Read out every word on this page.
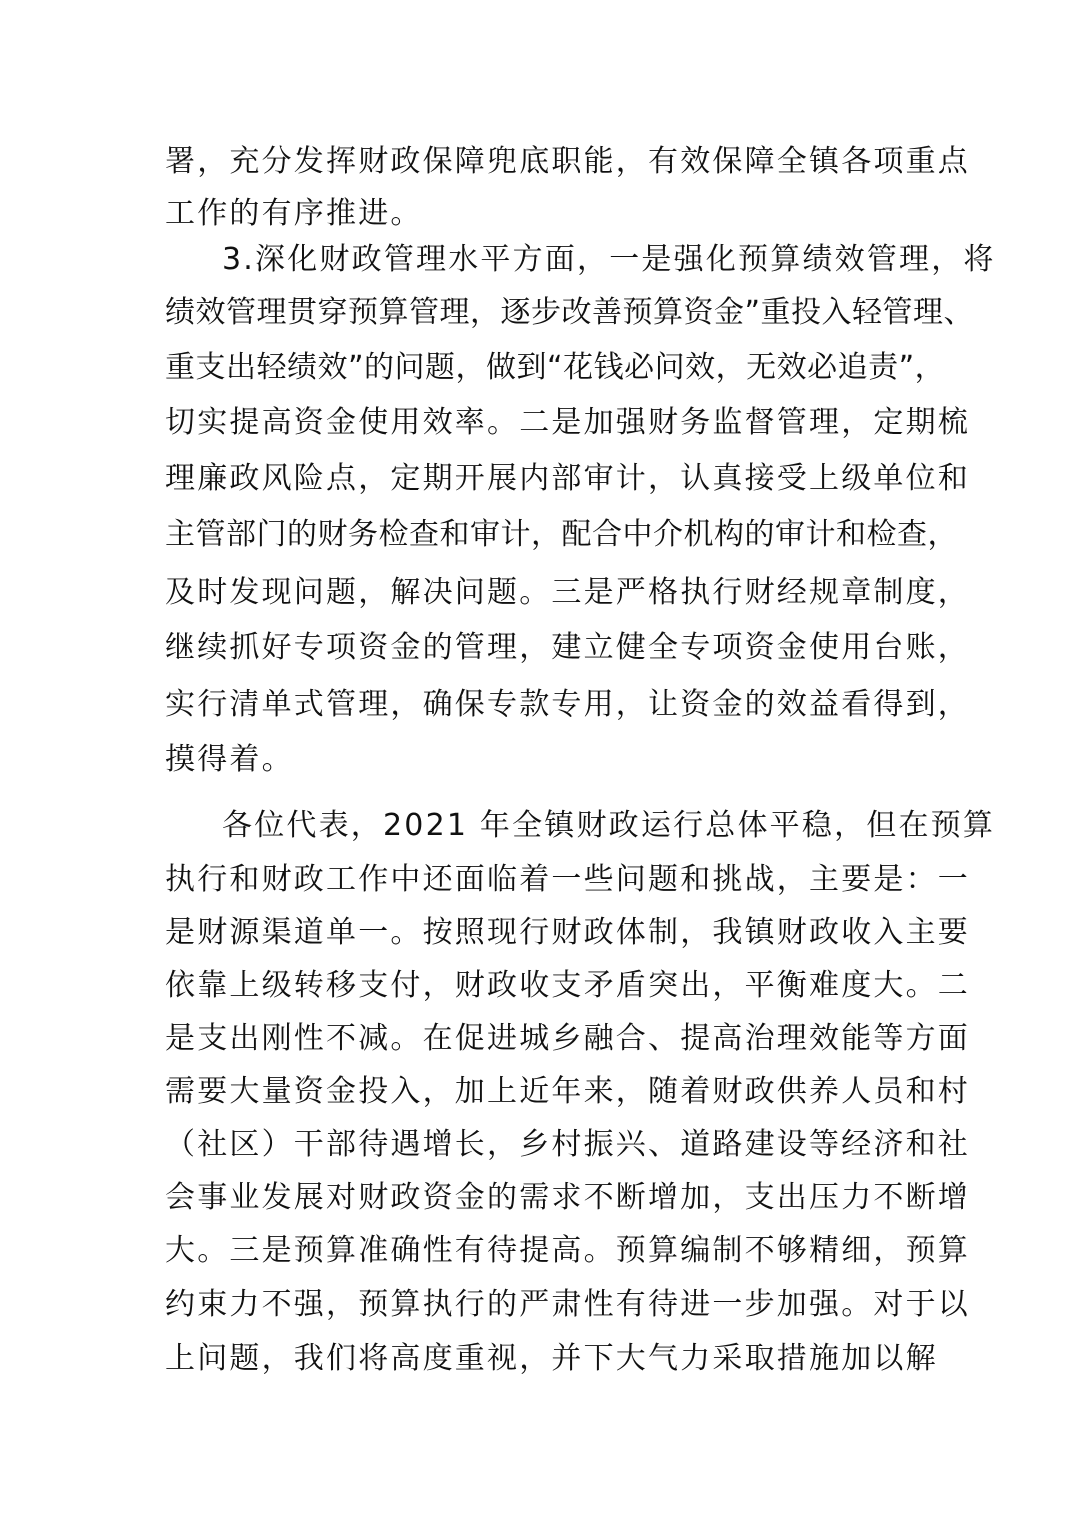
署，充分发挥财政保障兜底职能，有效保障全镇各项重点

工作的有序推进。

3.深化财政管理水平方面，一是强化预算绩效管理，将

绩效管理贯穿预算管理，逐步改善预算资金”重投入轻管理、

重支出轻绩效”的问题，做到“花钱必问效，无效必追责”，

切实提高资金使用效率。二是加强财务监督管理，定期梳

理廉政风险点，定期开展内部审计，认真接受上级单位和

主管部门的财务检查和审计，配合中介机构的审计和检查，

及时发现问题，解决问题。三是严格执行财经规章制度，

继续抓好专项资金的管理，建立健全专项资金使用台账，

实行清单式管理，确保专款专用，让资金的效益看得到，

摸得着。

各位代表，2021 年全镇财政运行总体平稳，但在预算

执行和财政工作中还面临着一些问题和挑战，主要是：一

是财源渠道单一。按照现行财政体制，我镇财政收入主要

依靠上级转移支付，财政收支矛盾突出，平衡难度大。二

是支出刚性不减。在促进城乡融合、提高治理效能等方面

需要大量资金投入，加上近年来，随着财政供养人员和村

（社区）干部待遇增长，乡村振兴、道路建设等经济和社

会事业发展对财政资金的需求不断增加，支出压力不断增

大。三是预算准确性有待提高。预算编制不够精细，预算

约束力不强，预算执行的严肃性有待进一步加强。对于以

上问题，我们将高度重视，并下大气力采取措施加以解
